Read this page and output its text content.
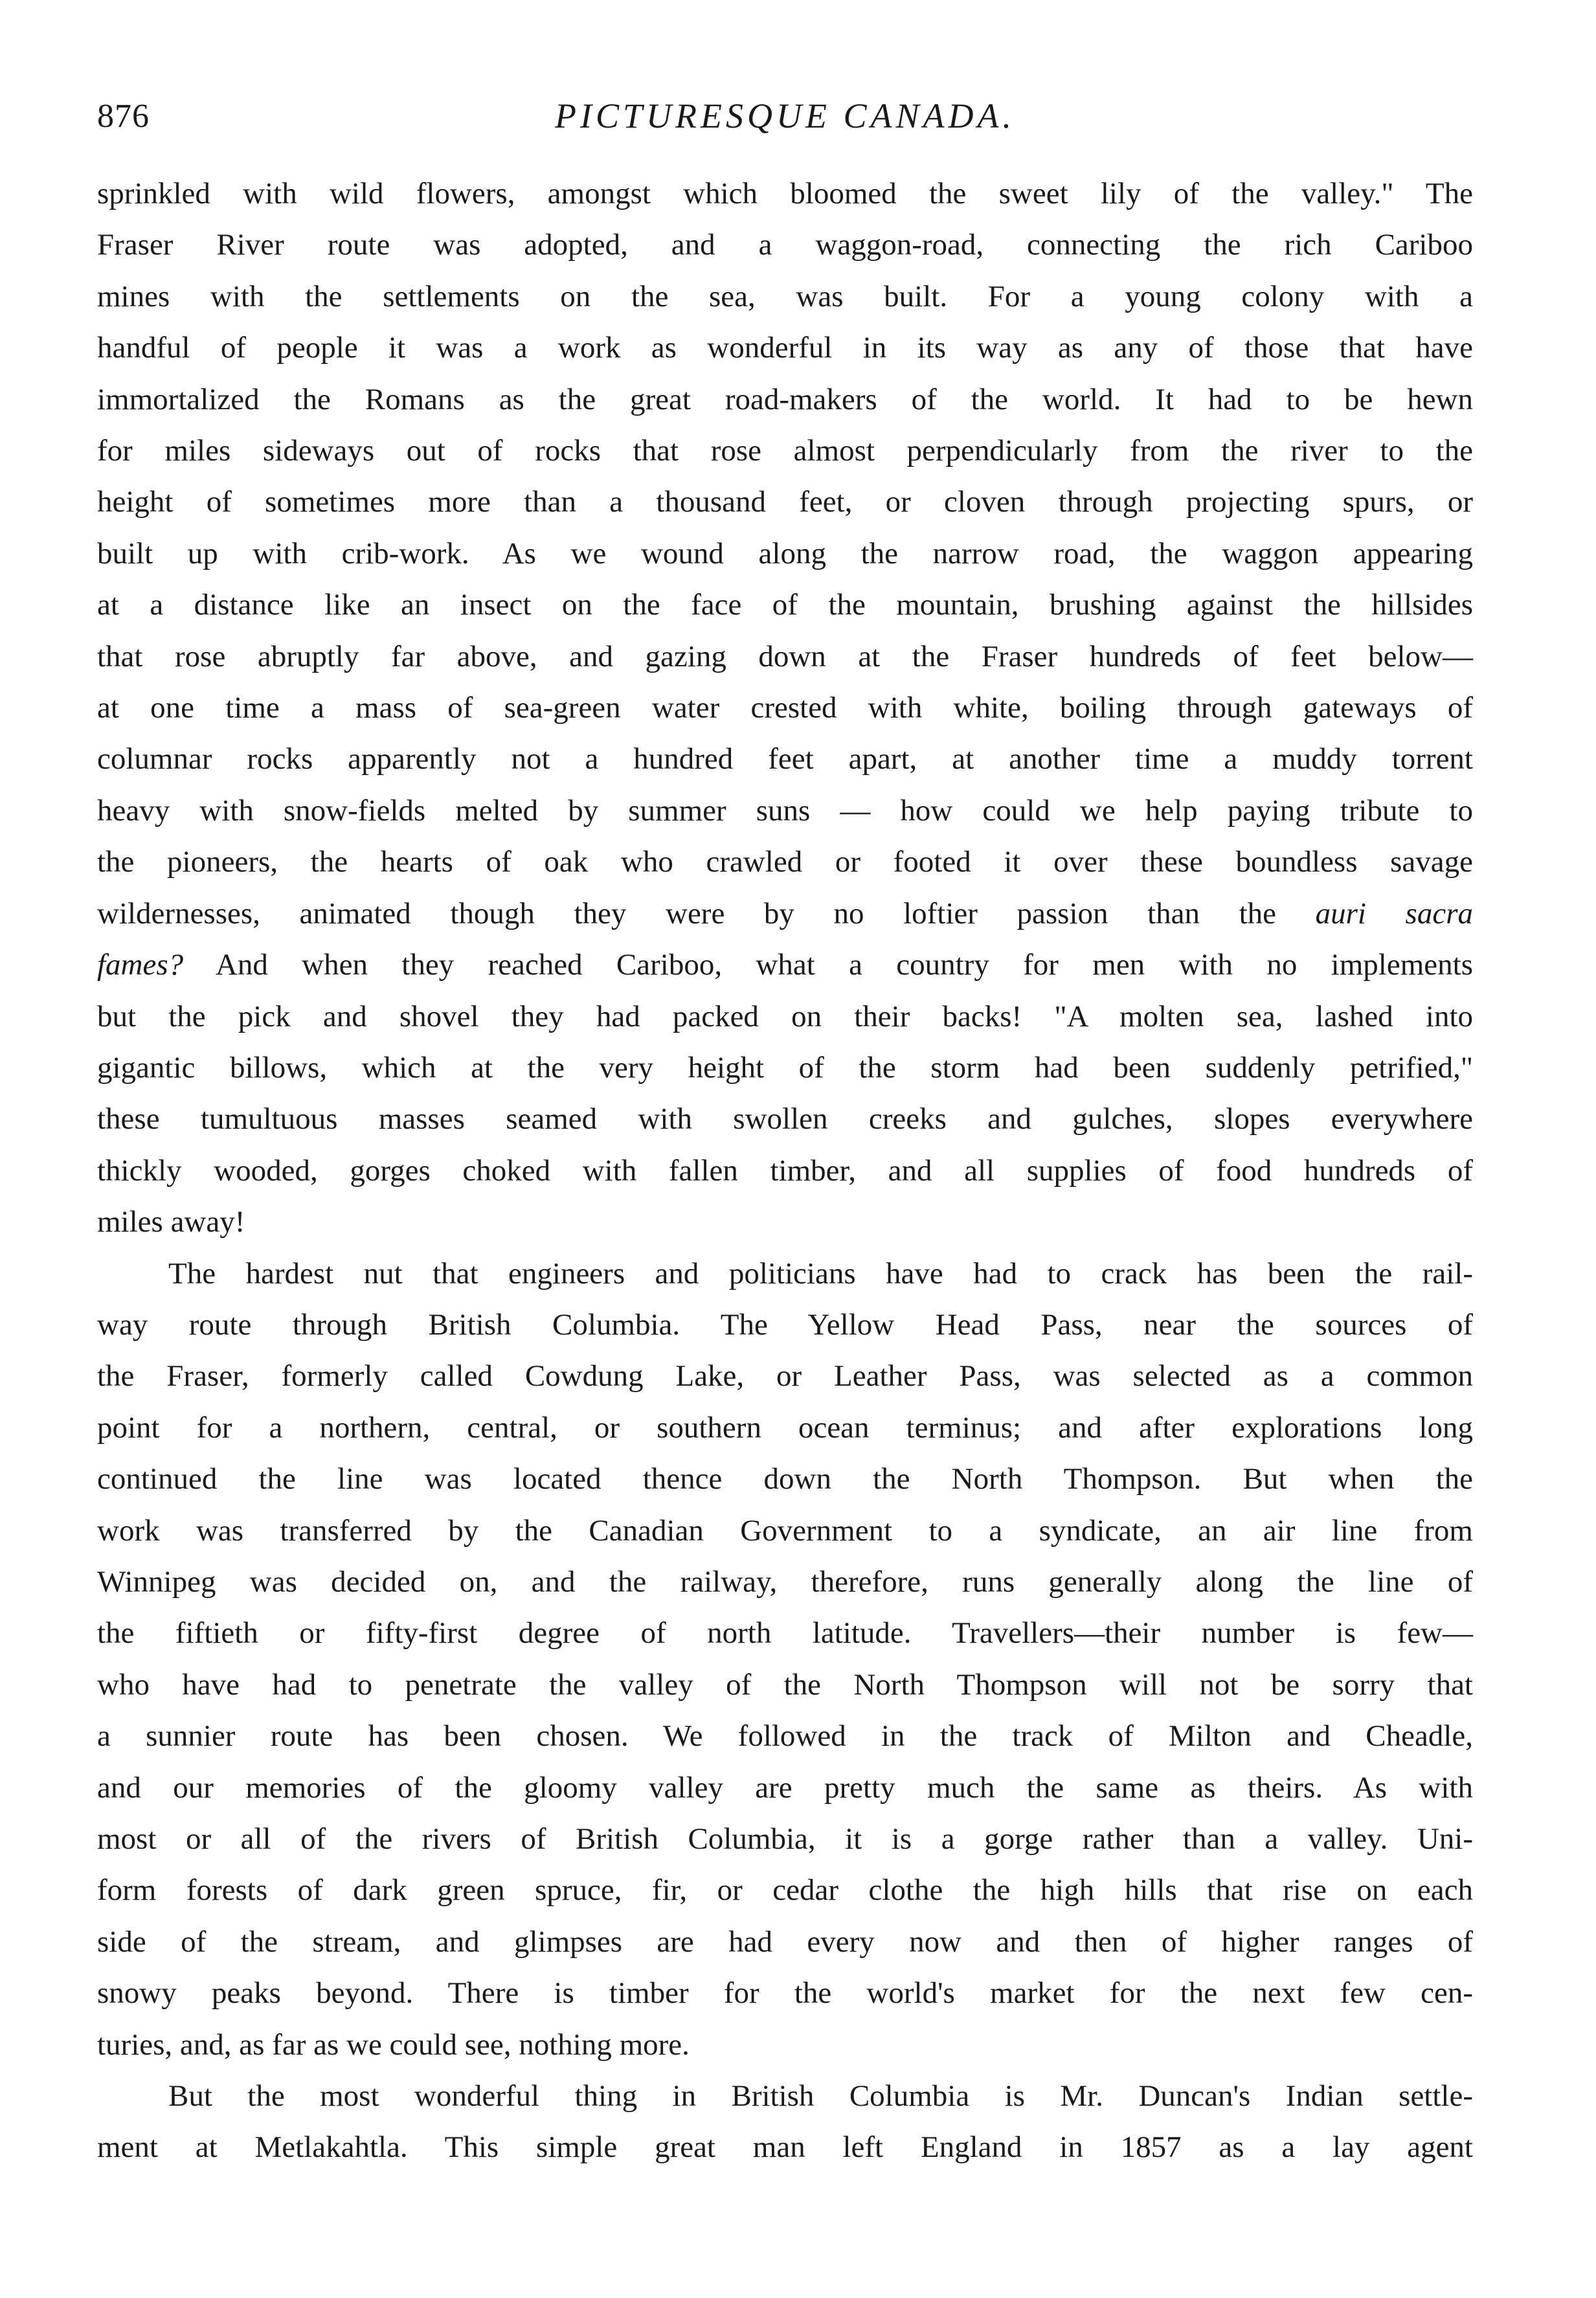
876	PICTURESQUE CANADA.

sprinkled with wild flowers, amongst which bloomed the sweet lily of the valley." The
Fraser River route was adopted, and a waggon-road, connecting the rich Cariboo
mines with the settlements on the sea, was built. For a young colony with a
handful of people it was a work as wonderful in its way as any of those that have
immortalized the Romans as the great road-makers of the world. It had to be hewn
for miles sideways out of rocks that rose almost perpendicularly from the river to the
height of sometimes more than a thousand feet, or cloven through projecting spurs, or
built up with crib-work. As we wound along the narrow road, the waggon appearing
at a distance like an insect on the face of the mountain, brushing against the hillsides
that rose abruptly far above, and gazing down at the Fraser hundreds of feet below—
at one time a mass of sea-green water crested with white, boiling through gateways of
columnar rocks apparently not a hundred feet apart, at another time a muddy torrent
heavy with snow-fields melted by summer suns — how could we help paying tribute to
the pioneers, the hearts of oak who crawled or footed it over these boundless savage
wildernesses, animated though they were by no loftier passion than the auri sacra
fames? And when they reached Cariboo, what a country for men with no implements
but the pick and shovel they had packed on their backs! "A molten sea, lashed into
gigantic billows, which at the very height of the storm had been suddenly petrified,"
these tumultuous masses seamed with swollen creeks and gulches, slopes everywhere
thickly wooded, gorges choked with fallen timber, and all supplies of food hundreds of
miles away!

The hardest nut that engineers and politicians have had to crack has been the rail-
way route through British Columbia. The Yellow Head Pass, near the sources of
the Fraser, formerly called Cowdung Lake, or Leather Pass, was selected as a common
point for a northern, central, or southern ocean terminus; and after explorations long
continued the line was located thence down the North Thompson. But when the
work was transferred by the Canadian Government to a syndicate, an air line from
Winnipeg was decided on, and the railway, therefore, runs generally along the line of
the fiftieth or fifty-first degree of north latitude. Travellers—their number is few—
who have had to penetrate the valley of the North Thompson will not be sorry that
a sunnier route has been chosen. We followed in the track of Milton and Cheadle,
and our memories of the gloomy valley are pretty much the same as theirs. As with
most or all of the rivers of British Columbia, it is a gorge rather than a valley. Uni-
form forests of dark green spruce, fir, or cedar clothe the high hills that rise on each
side of the stream, and glimpses are had every now and then of higher ranges of
snowy peaks beyond. There is timber for the world's market for the next few cen-
turies, and, as far as we could see, nothing more.

But the most wonderful thing in British Columbia is Mr. Duncan's Indian settle-
ment at Metlakahtla. This simple great man left England in 1857 as a lay agent
